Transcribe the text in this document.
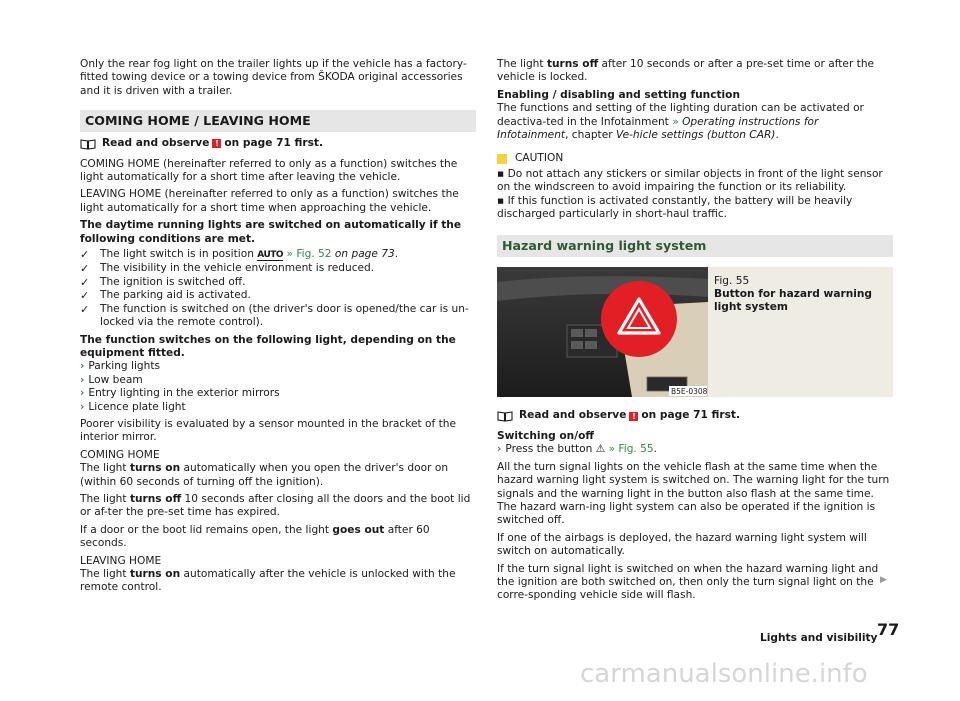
Only the rear fog light on the trailer lights up if the vehicle has a factory-fitted towing device or a towing device from ŠKODA original accessories and it is driven with a trailer.

COMING HOME / LEAVING HOME
Read and observe ! on page 71 first.

COMING HOME (hereinafter referred to only as a function) switches the light automatically for a short time after leaving the vehicle.

LEAVING HOME (hereinafter referred to only as a function) switches the light automatically for a short time when approaching the vehicle.

The daytime running lights are switched on automatically if the following conditions are met.

✓ The light switch is in position AUTO » Fig. 52 on page 73.
✓ The visibility in the vehicle environment is reduced.
✓ The ignition is switched off.
✓ The parking aid is activated.
✓ The function is switched on (the driver's door is opened/the car is un-locked via the remote control).

The function switches on the following light, depending on the equipment fitted.

› Parking lights
› Low beam
› Entry lighting in the exterior mirrors
› Licence plate light

Poorer visibility is evaluated by a sensor mounted in the bracket of the interior mirror.

COMING HOME

The light turns on automatically when you open the driver's door on (within 60 seconds of turning off the ignition).

The light turns off 10 seconds after closing all the doors and the boot lid or af-ter the pre-set time has expired.

If a door or the boot lid remains open, the light goes out after 60 seconds.

LEAVING HOME

The light turns on automatically after the vehicle is unlocked with the remote control.

The light turns off after 10 seconds or after a pre-set time or after the vehicle is locked.

Enabling / disabling and setting function

The functions and setting of the lighting duration can be activated or deactiva-ted in the Infotainment » Operating instructions for Infotainment, chapter Ve-hicle settings (button CAR).

CAUTION
▪ Do not attach any stickers or similar objects in front of the light sensor on the windscreen to avoid impairing the function or its reliability.
▪ If this function is activated constantly, the battery will be heavily discharged particularly in short-haul traffic.
Hazard warning light system
B5E-0308
Fig. 55
Button for hazard warning light system
Read and observe ! on page 71 first.
Switching on/off
› Press the button
⚠
» Fig. 55 .

All the turn signal lights on the vehicle flash at the same time when the hazard warning light system is switched on. The warning light for the turn signals and the warning light in the button also flash at the same time. The hazard warn-ing light system can also be operated if the ignition is switched off.

If one of the airbags is deployed, the hazard warning light system will switch on automatically.

If the turn signal light is switched on when the hazard warning light and the ignition are both switched on, then only the turn signal light on the corre-sponding vehicle side will flash.

▶
Lights and visibility 77
carmanualsonline.info
